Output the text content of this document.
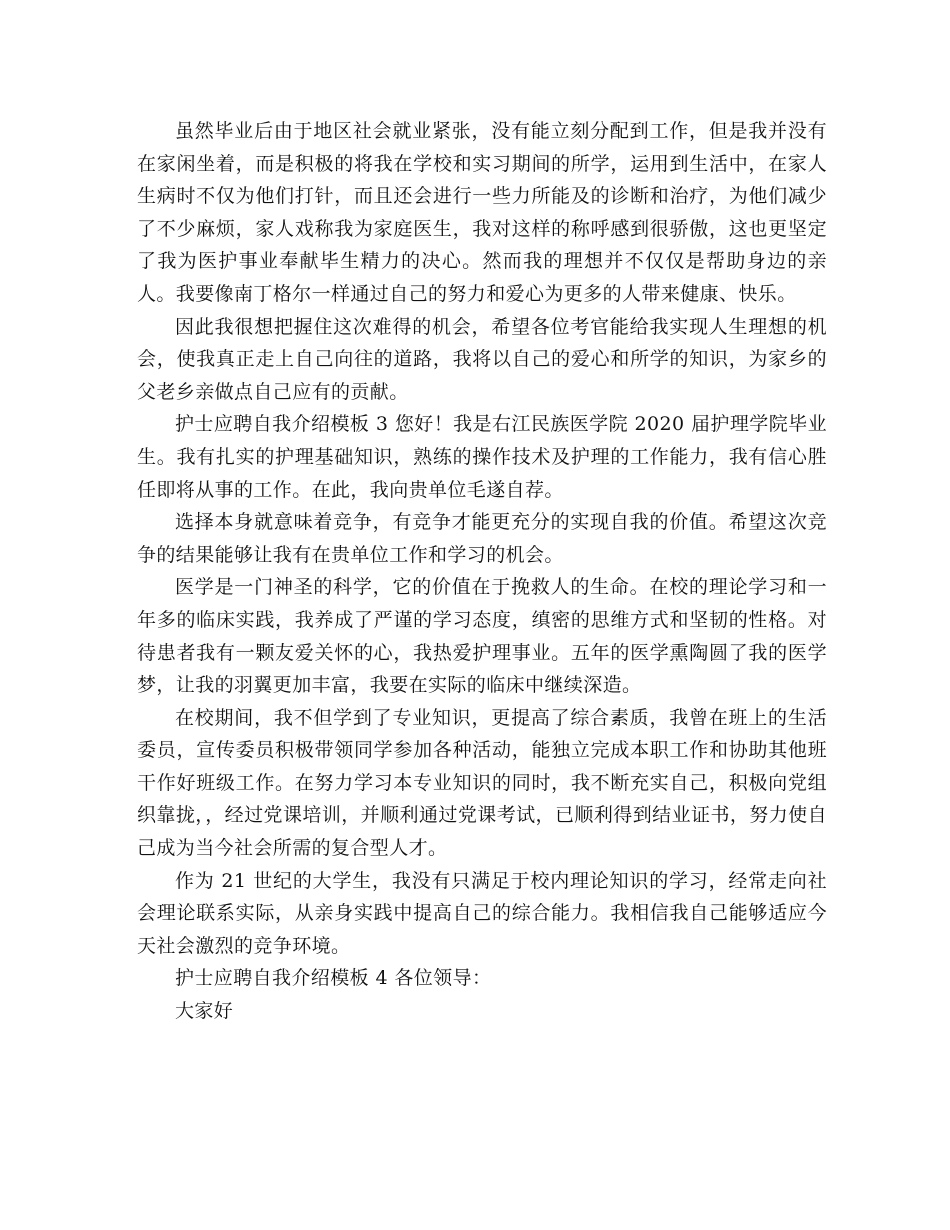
虽然毕业后由于地区社会就业紧张，没有能立刻分配到工作，但是我并没有在家闲坐着，而是积极的将我在学校和实习期间的所学，运用到生活中，在家人生病时不仅为他们打针，而且还会进行一些力所能及的诊断和治疗，为他们减少了不少麻烦，家人戏称我为家庭医生，我对这样的称呼感到很骄傲，这也更坚定了我为医护事业奉献毕生精力的决心。然而我的理想并不仅仅是帮助身边的亲人。我要像南丁格尔一样通过自己的努力和爱心为更多的人带来健康、快乐。

因此我很想把握住这次难得的机会，希望各位考官能给我实现人生理想的机会，使我真正走上自己向往的道路，我将以自己的爱心和所学的知识，为家乡的父老乡亲做点自己应有的贡献。

护士应聘自我介绍模板 3 您好！我是右江民族医学院 2020 届护理学院毕业生。我有扎实的护理基础知识，熟练的操作技术及护理的工作能力，我有信心胜任即将从事的工作。在此，我向贵单位毛遂自荐。

选择本身就意味着竞争，有竞争才能更充分的实现自我的价值。希望这次竞争的结果能够让我有在贵单位工作和学习的机会。

医学是一门神圣的科学，它的价值在于挽救人的生命。在校的理论学习和一年多的临床实践，我养成了严谨的学习态度，缜密的思维方式和坚韧的性格。对待患者我有一颗友爱关怀的心，我热爱护理事业。五年的医学熏陶圆了我的医学梦，让我的羽翼更加丰富，我要在实际的临床中继续深造。

在校期间，我不但学到了专业知识，更提高了综合素质，我曾在班上的生活委员，宣传委员积极带领同学参加各种活动，能独立完成本职工作和协助其他班干作好班级工作。在努力学习本专业知识的同时，我不断充实自己，积极向党组织靠拢，，经过党课培训，并顺利通过党课考试，已顺利得到结业证书，努力使自己成为当今社会所需的复合型人才。

作为 21 世纪的大学生，我没有只满足于校内理论知识的学习，经常走向社会理论联系实际，从亲身实践中提高自己的综合能力。我相信我自己能够适应今天社会激烈的竞争环境。

护士应聘自我介绍模板 4 各位领导：

大家好
